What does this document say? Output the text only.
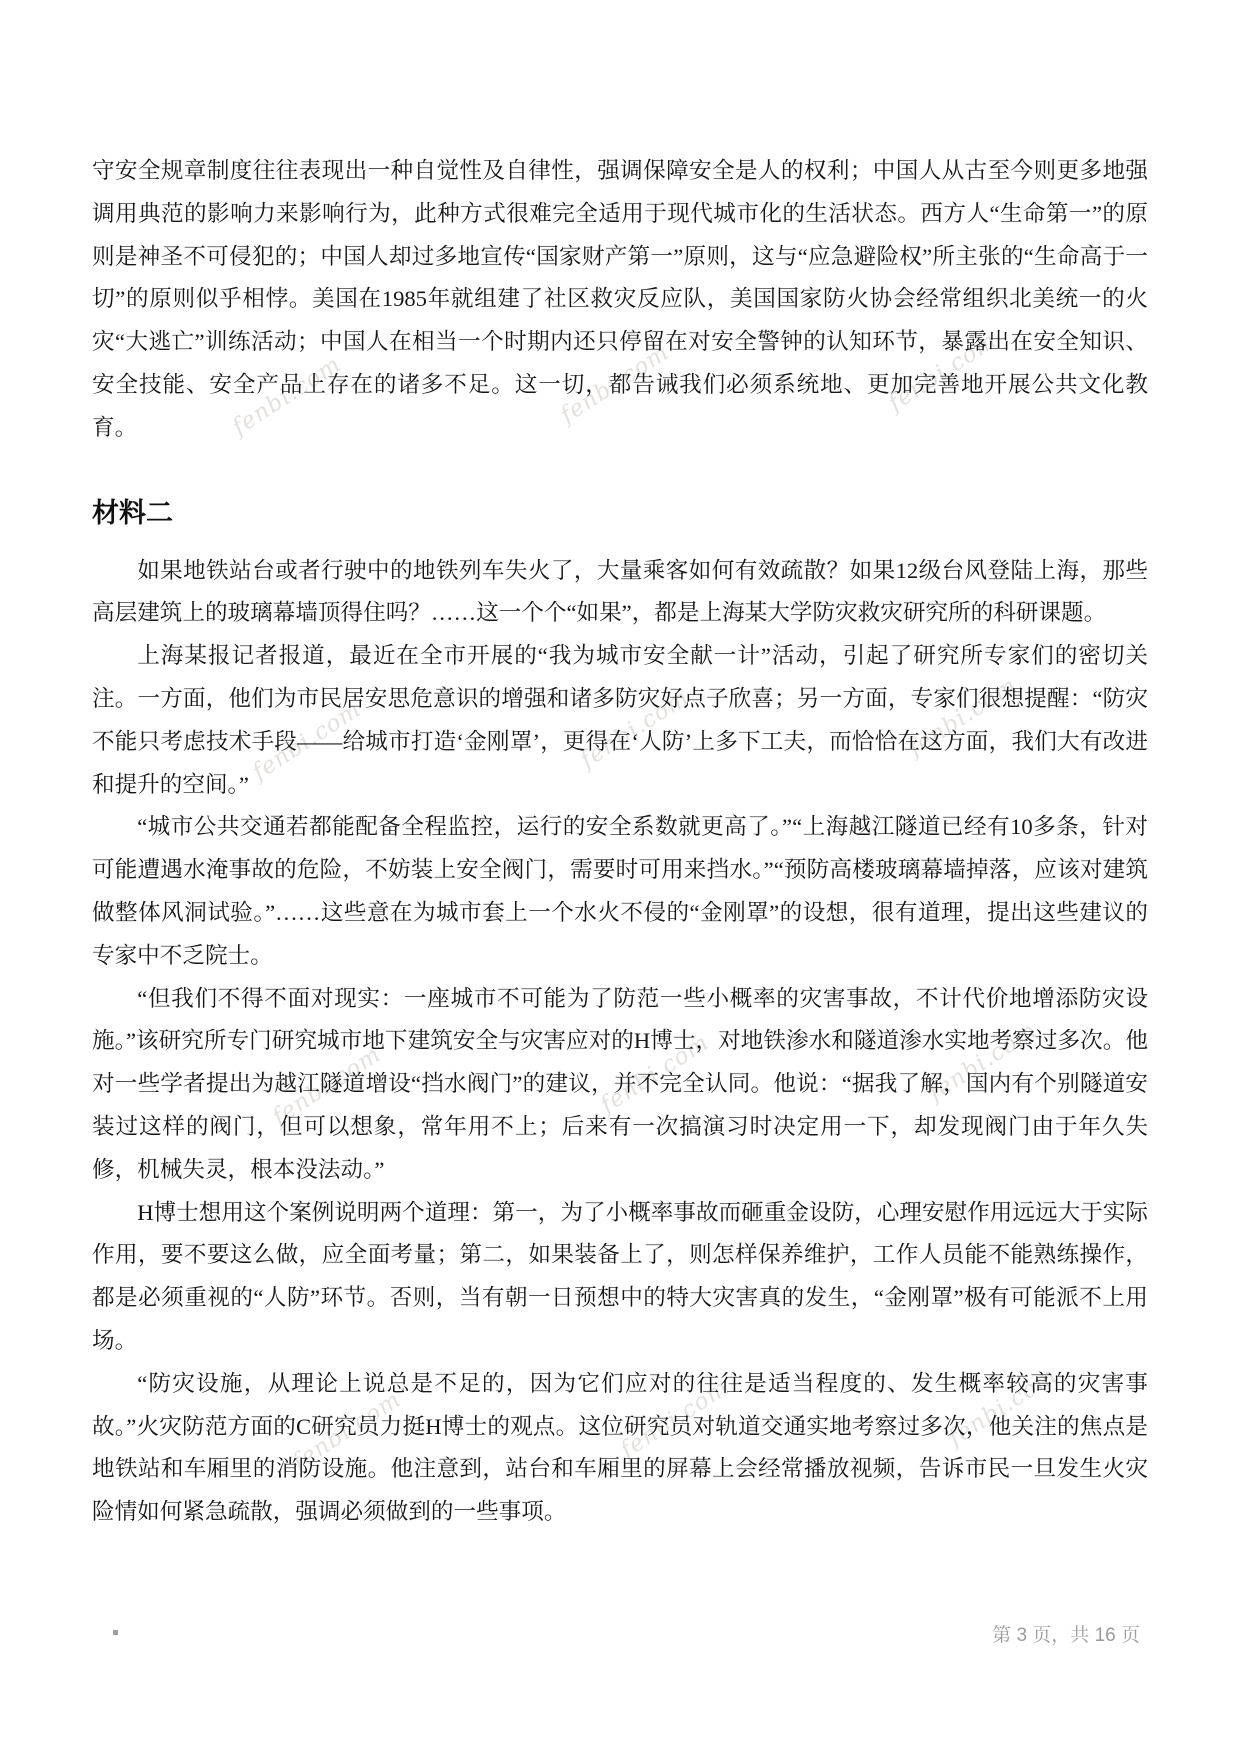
fenbi.com	fenbi.com	fenbi.com
fenbi.com	fenbi.com	fenbi.com
fenbi.com	fenbi.com	fenbi.com
fenbi.com	fenbi.com	fenbi.com

守安全规章制度往往表现出一种自觉性及自律性，强调保障安全是人的权利；中国人从古至今则更多地强调用典范的影响力来影响行为，此种方式很难完全适用于现代城市化的生活状态。西方人“生命第一”的原则是神圣不可侵犯的；中国人却过多地宣传“国家财产第一”原则，这与“应急避险权”所主张的“生命高于一切”的原则似乎相悖。美国在1985年就组建了社区救灾反应队，美国国家防火协会经常组织北美统一的火灾“大逃亡”训练活动；中国人在相当一个时期内还只停留在对安全警钟的认知环节，暴露出在安全知识、安全技能、安全产品上存在的诸多不足。这一切，都告诫我们必须系统地、更加完善地开展公共文化教育。

材料二

如果地铁站台或者行驶中的地铁列车失火了，大量乘客如何有效疏散？如果12级台风登陆上海，那些高层建筑上的玻璃幕墙顶得住吗？……这一个个“如果”，都是上海某大学防灾救灾研究所的科研课题。

上海某报记者报道，最近在全市开展的“我为城市安全献一计”活动，引起了研究所专家们的密切关注。一方面，他们为市民居安思危意识的增强和诸多防灾好点子欣喜；另一方面，专家们很想提醒：“防灾不能只考虑技术手段——给城市打造‘金刚罩’，更得在‘人防’上多下工夫，而恰恰在这方面，我们大有改进和提升的空间。”

“城市公共交通若都能配备全程监控，运行的安全系数就更高了。”“上海越江隧道已经有10多条，针对可能遭遇水淹事故的危险，不妨装上安全阀门，需要时可用来挡水。”“预防高楼玻璃幕墙掉落，应该对建筑做整体风洞试验。”……这些意在为城市套上一个水火不侵的“金刚罩”的设想，很有道理，提出这些建议的专家中不乏院士。

“但我们不得不面对现实：一座城市不可能为了防范一些小概率的灾害事故，不计代价地增添防灾设施。”该研究所专门研究城市地下建筑安全与灾害应对的H博士，对地铁渗水和隧道渗水实地考察过多次。他对一些学者提出为越江隧道增设“挡水阀门”的建议，并不完全认同。他说：“据我了解，国内有个别隧道安装过这样的阀门，但可以想象，常年用不上；后来有一次搞演习时决定用一下，却发现阀门由于年久失修，机械失灵，根本没法动。”

H博士想用这个案例说明两个道理：第一，为了小概率事故而砸重金设防，心理安慰作用远远大于实际作用，要不要这么做，应全面考量；第二，如果装备上了，则怎样保养维护，工作人员能不能熟练操作，都是必须重视的“人防”环节。否则，当有朝一日预想中的特大灾害真的发生，“金刚罩”极有可能派不上用场。

“防灾设施，从理论上说总是不足的，因为它们应对的往往是适当程度的、发生概率较高的灾害事故。”火灾防范方面的C研究员力挺H博士的观点。这位研究员对轨道交通实地考察过多次，他关注的焦点是地铁站和车厢里的消防设施。他注意到，站台和车厢里的屏幕上会经常播放视频，告诉市民一旦发生火灾险情如何紧急疏散，强调必须做到的一些事项。

第 3 页，共 16 页
